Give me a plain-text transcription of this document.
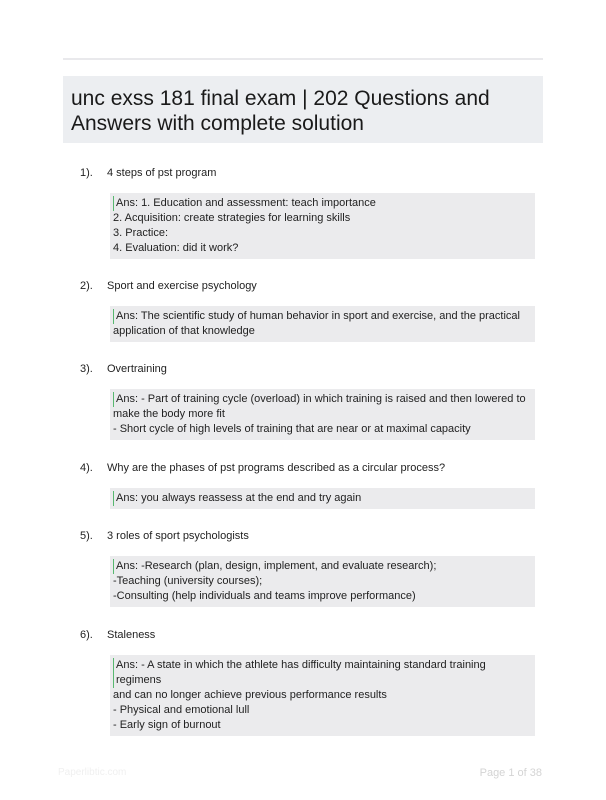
unc exss 181 final exam | 202 Questions and Answers with complete solution
1). 4 steps of pst program
Ans: 1. Education and assessment: teach importance
2. Acquisition: create strategies for learning skills
3. Practice:
4. Evaluation: did it work?
2). Sport and exercise psychology
Ans: The scientific study of human behavior in sport and exercise, and the practical
application of that knowledge
3). Overtraining
Ans: - Part of training cycle (overload) in which training is raised and then lowered to
make the body more fit
- Short cycle of high levels of training that are near or at maximal capacity
4). Why are the phases of pst programs described as a circular process?
Ans: you always reassess at the end and try again
5). 3 roles of sport psychologists
Ans: -Research (plan, design, implement, and evaluate research);
-Teaching (university courses);
-Consulting (help individuals and teams improve performance)
6). Staleness
Ans: - A state in which the athlete has difficulty maintaining standard training regimens
and can no longer achieve previous performance results
- Physical and emotional lull
- Early sign of burnout
Paperlibtic.com	Page 1 of 38
